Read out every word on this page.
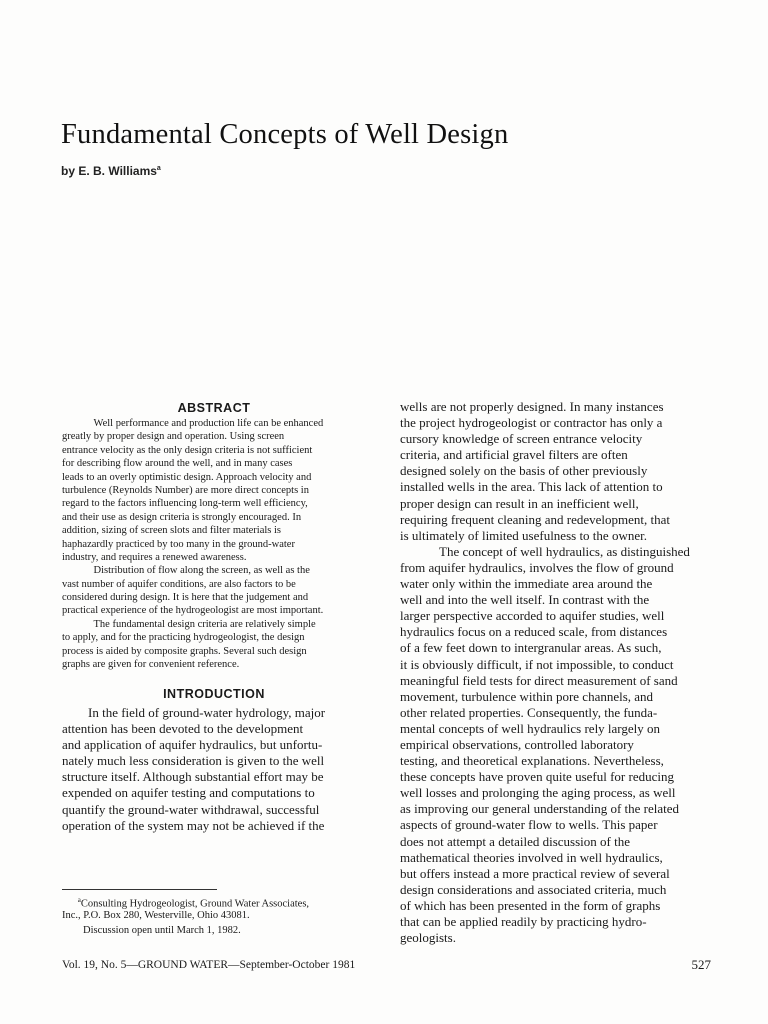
Fundamental Concepts of Well Design
by E. B. Williams$^a$
ABSTRACT
   Well performance and production life can be enhanced
greatly by proper design and operation. Using screen
entrance velocity as the only design criteria is not sufficient
for describing flow around the well, and in many cases
leads to an overly optimistic design. Approach velocity and
turbulence (Reynolds Number) are more direct concepts in
regard to the factors influencing long-term well efficiency,
and their use as design criteria is strongly encouraged. In
addition, sizing of screen slots and filter materials is
haphazardly practiced by too many in the ground-water
industry, and requires a renewed awareness.
   Distribution of flow along the screen, as well as the
vast number of aquifer conditions, are also factors to be
considered during design. It is here that the judgement and
practical experience of the hydrogeologist are most important.
   The fundamental design criteria are relatively simple
to apply, and for the practicing hydrogeologist, the design
process is aided by composite graphs. Several such design
graphs are given for convenient reference.
INTRODUCTION
  In the field of ground-water hydrology, major
attention has been devoted to the development
and application of aquifer hydraulics, but unfortu-
nately much less consideration is given to the well
structure itself. Although substantial effort may be
expended on aquifer testing and computations to
quantify the ground-water withdrawal, successful
operation of the system may not be achieved if the
wells are not properly designed. In many instances
the project hydrogeologist or contractor has only a
cursory knowledge of screen entrance velocity
criteria, and artificial gravel filters are often
designed solely on the basis of other previously
installed wells in the area. This lack of attention to
proper design can result in an inefficient well,
requiring frequent cleaning and redevelopment, that
is ultimately of limited usefulness to the owner.
   The concept of well hydraulics, as distinguished
from aquifer hydraulics, involves the flow of ground
water only within the immediate area around the
well and into the well itself. In contrast with the
larger perspective accorded to aquifer studies, well
hydraulics focus on a reduced scale, from distances
of a few feet down to intergranular areas. As such,
it is obviously difficult, if not impossible, to conduct
meaningful field tests for direct measurement of sand
movement, turbulence within pore channels, and
other related properties. Consequently, the funda-
mental concepts of well hydraulics rely largely on
empirical observations, controlled laboratory
testing, and theoretical explanations. Nevertheless,
these concepts have proven quite useful for reducing
well losses and prolonging the aging process, as well
as improving our general understanding of the related
aspects of ground-water flow to wells. This paper
does not attempt a detailed discussion of the
mathematical theories involved in well hydraulics,
but offers instead a more practical review of several
design considerations and associated criteria, much
of which has been presented in the form of graphs
that can be applied readily by practicing hydro-
geologists.
  $^a$Consulting Hydrogeologist, Ground Water Associates,
Inc., P.O. Box 280, Westerville, Ohio 43081.
   Discussion open until March 1, 1982.
Vol. 19, No. 5—GROUND WATER—September-October 1981	527
